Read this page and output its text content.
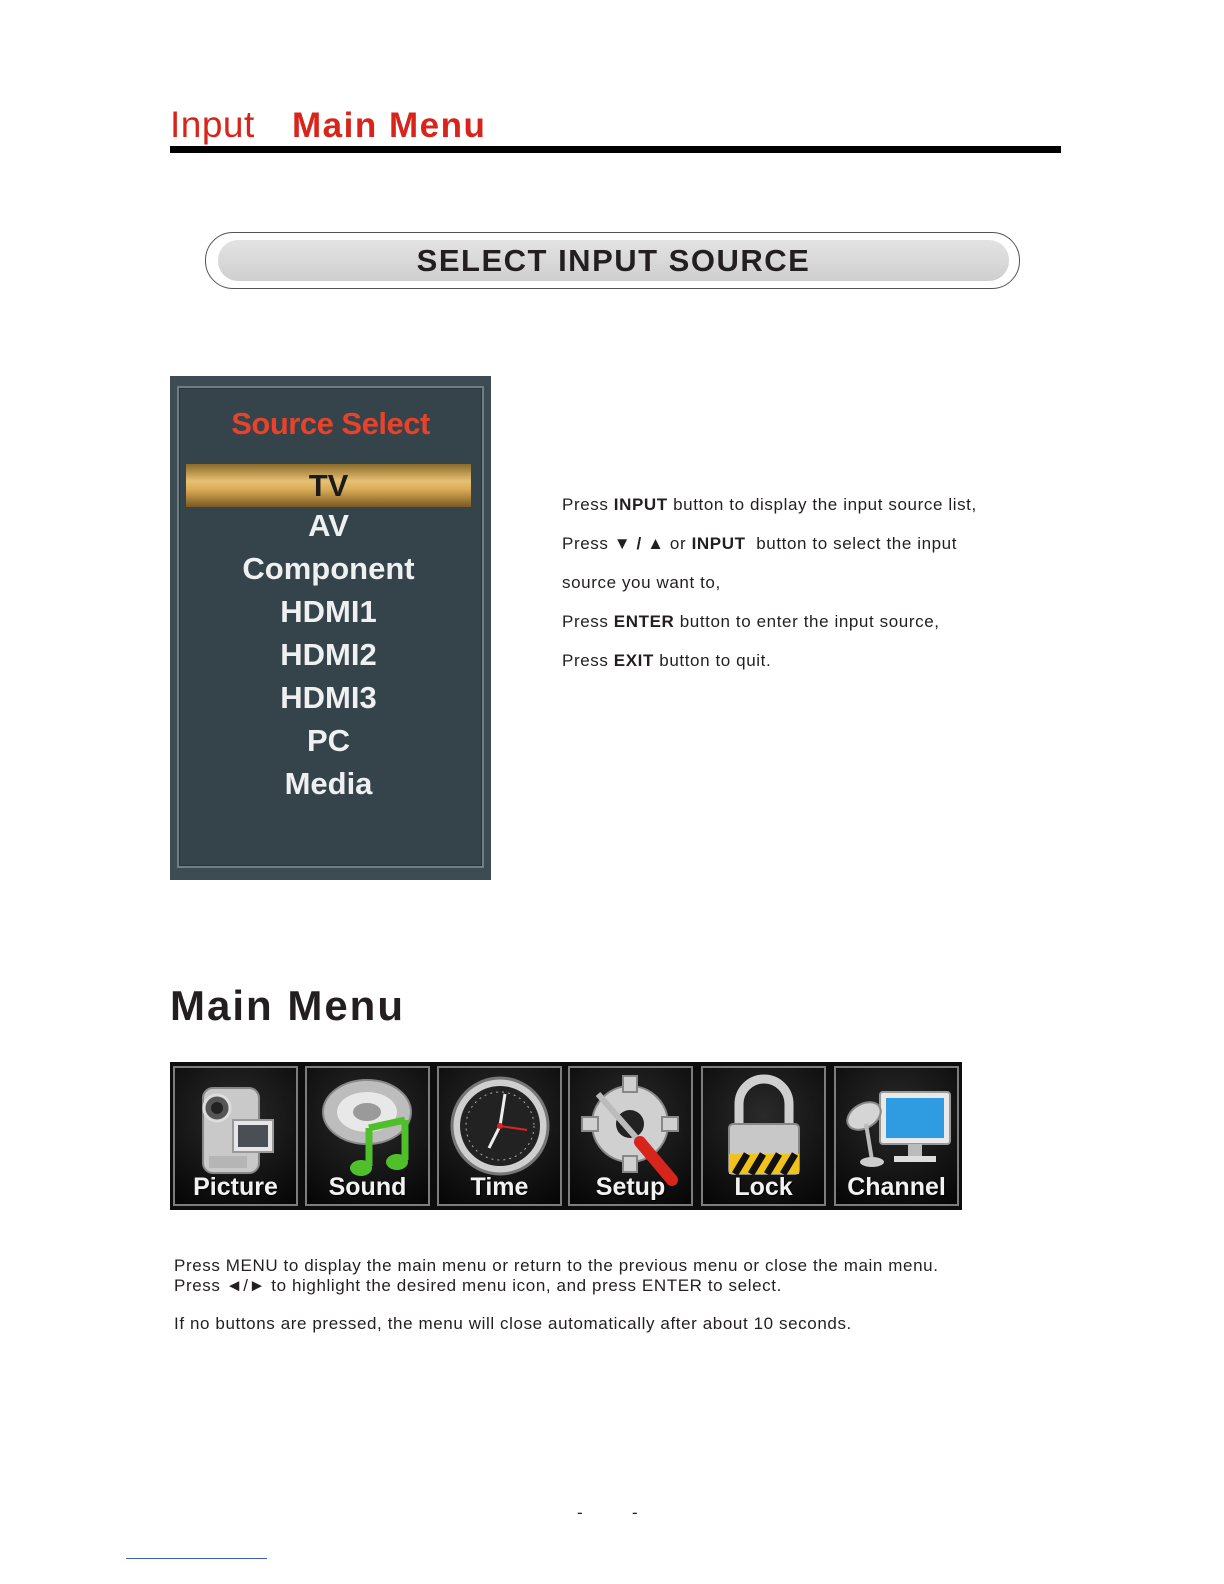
Input Main Menu
SELECT INPUT SOURCE
Source Select
TV
AV
Component
HDMI1
HDMI2
HDMI3
PC
Media
Press INPUT button to display the input source list,
Press ▼ / ▲ or INPUT  button to select the input
source you want to,
Press ENTER button to enter the input source,
Press EXIT button to quit.
Main Menu
Picture	Sound	Time	Setup	Lock	Channel
Press MENU to display the main menu or return to the previous menu or close the main menu.
Press ◄/► to highlight the desired menu icon, and press ENTER to select.
If no buttons are pressed, the menu will close automatically after about 10 seconds.
-	-
